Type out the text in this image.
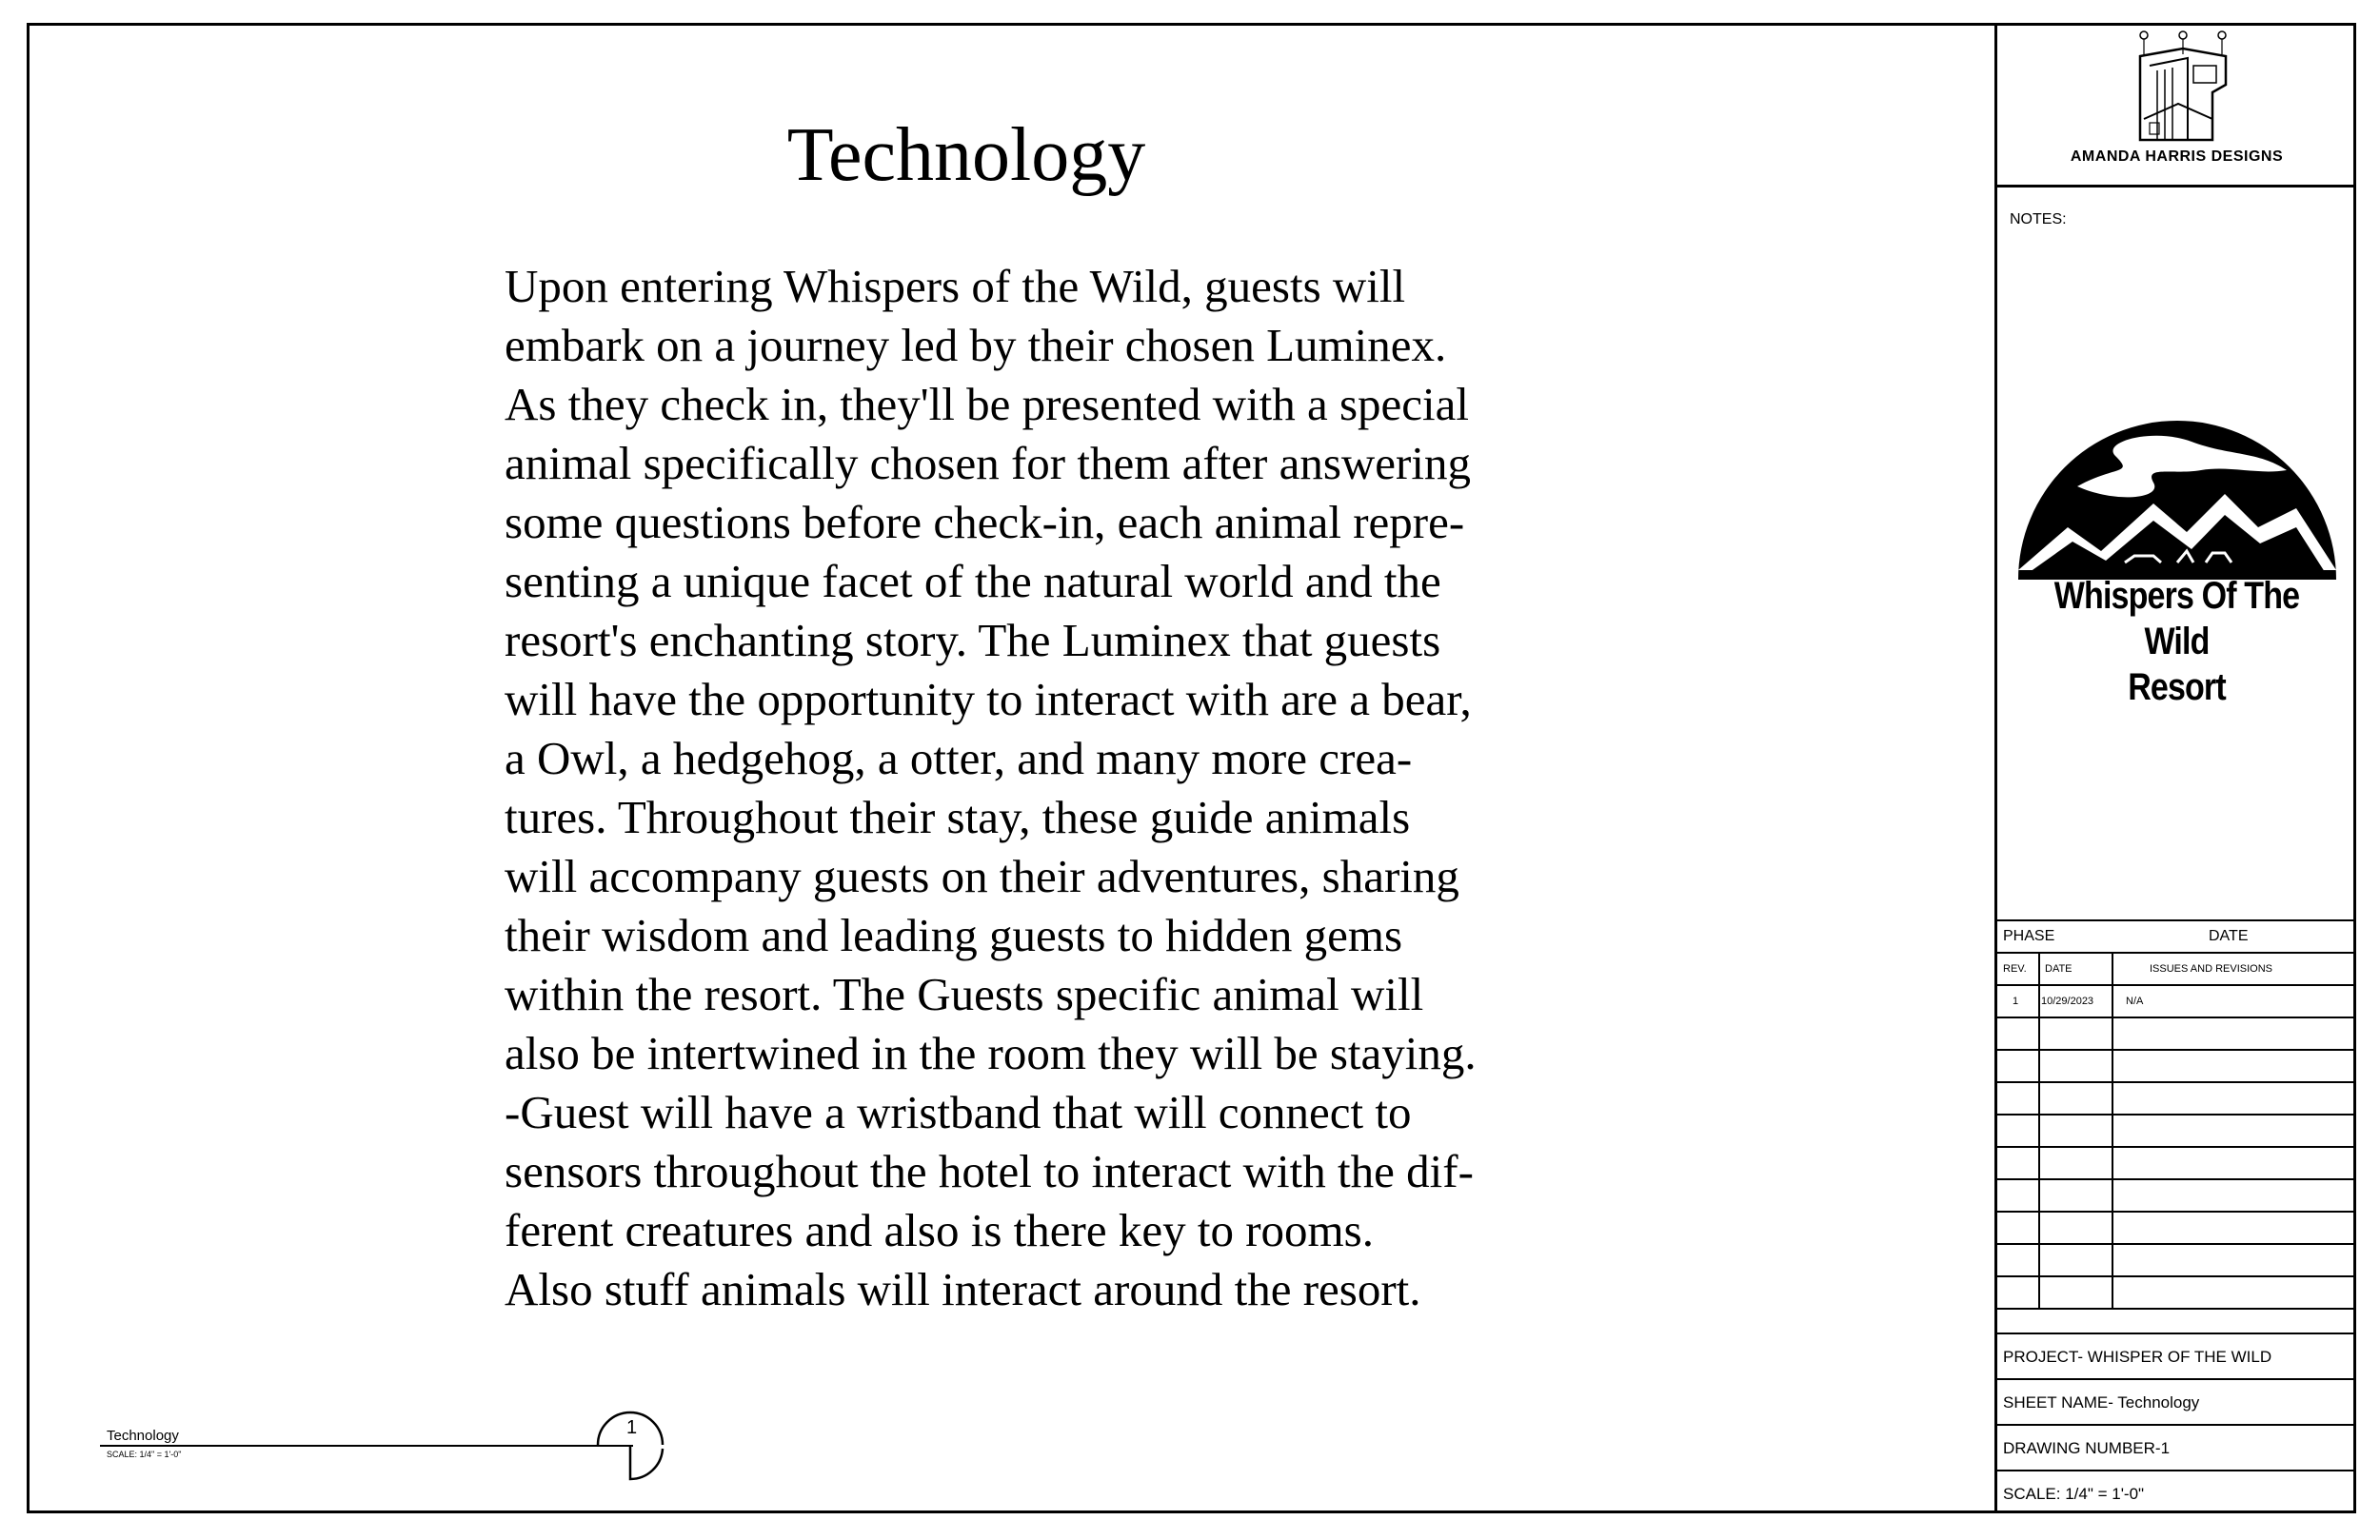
Technology
Upon entering Whispers of the Wild, guests will
embark on a journey led by their chosen Luminex.
As they check in, they'll be presented with a special
animal specifically chosen for them after answering
some questions before check-in, each animal repre-
senting a unique facet of the natural world and the
resort's enchanting story. The Luminex that guests
will have the opportunity to interact with are a bear,
a Owl, a hedgehog, a otter, and many more crea-
tures. Throughout their stay, these guide animals
will accompany guests on their adventures, sharing
their wisdom and leading guests to hidden gems
within the resort. The Guests specific animal will
also be intertwined in the room they will be staying.
-Guest will have a wristband that will connect to
sensors throughout the hotel to interact with the dif-
ferent creatures and also is there key to rooms.
Also stuff animals will interact around the resort.
Technology
SCALE: 1/4" = 1'-0"
1
AMANDA HARRIS DESIGNS
NOTES:
Whispers Of The Wild
Resort
PHASE	DATE
REV. DATE	ISSUES AND REVISIONS
1 10/29/2023	N/A
PROJECT- WHISPER OF THE WILD
SHEET NAME- Technology
DRAWING NUMBER-1
SCALE: 1/4" = 1'-0"
